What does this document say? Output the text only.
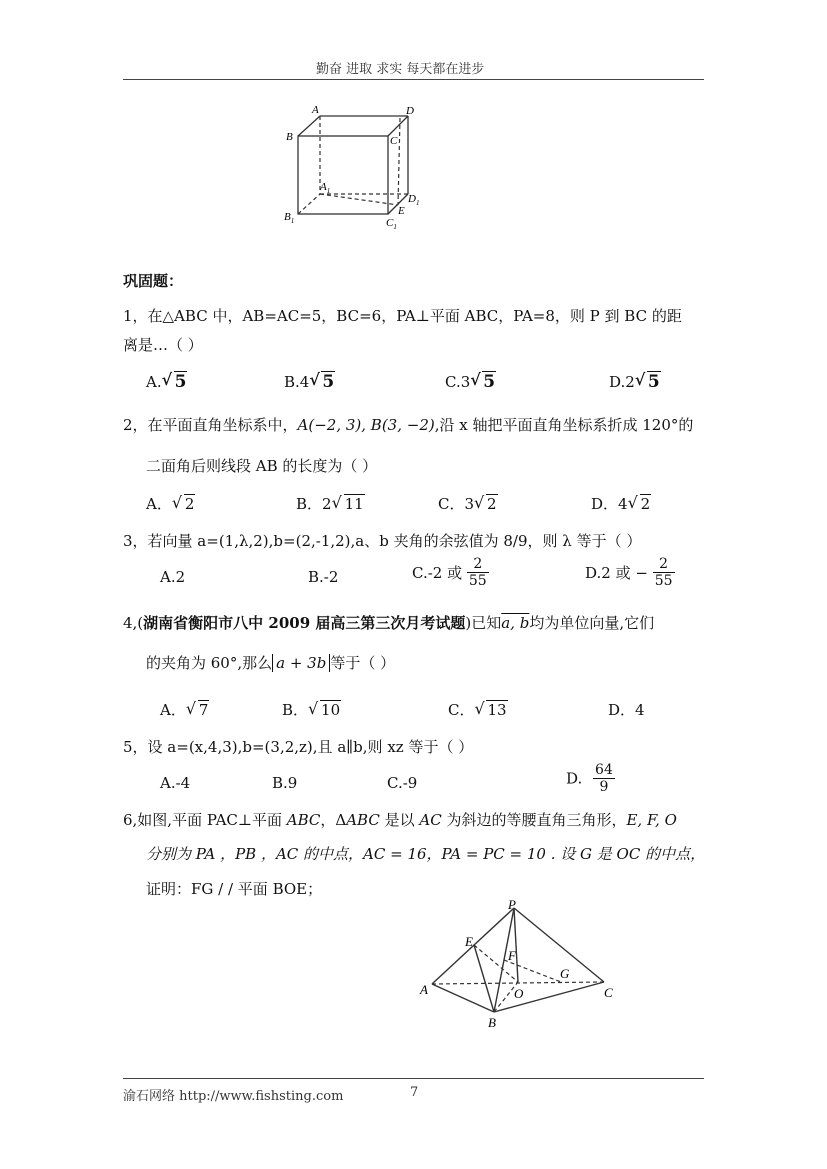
勤奋 进取 求实 每天都在进步
A
B	C
D
$A_1$
$B_1$	$C_1$
$D_1$
E
巩固题：
1，在△ABC 中，AB=AC=5，BC=6，PA⊥平面 ABC，PA=8，则 P 到 BC 的距
离是…（ ）
A. √ 5	B.4 √ 5	C.3 √ 5	D.2 √ 5
2，在平面直角坐标系中，A(−2, 3), B(3, −2),沿 x 轴把平面直角坐标系折成 120°的
二面角后则线段 AB 的长度为（ ）
A． √ 2	B．2 √ 11	C．3 √ 2	D．4 √ 2
3，若向量 a=(1,λ,2),b=(2,-1,2),a、b 夹角的余弦值为 8/9，则 λ 等于（ ）
A.2	B.-2	C.-2 或 $\frac{2}{55}$	D.2 或 − $\frac{2}{55}$
4,(湖南省衡阳市八中 2009 届高三第三次月考试题)已知a, b均为单位向量,它们
的夹角为 60°,那么 a + 3b 等于（ ）
A． √ 7	B． √ 10	C． √ 13	D．4
5，设 a=(x,4,3),b=(3,2,z),且 a∥b,则 xz 等于（ ）
A.-4	B.9	C.-9	D. $\frac{64}{9}$
6,如图,平面 PAC⊥平面 ABC，ΔABC 是以 AC 为斜边的等腰直角三角形，E, F, O
分别为 PA ，PB ，AC 的中点，AC = 16，PA = PC = 10 . 设 G 是 OC 的中点，
证明：FG / / 平面 BOE；
P
E
F
G
A	O	C
B
渝石网络 http://www.fishsting.com	7
